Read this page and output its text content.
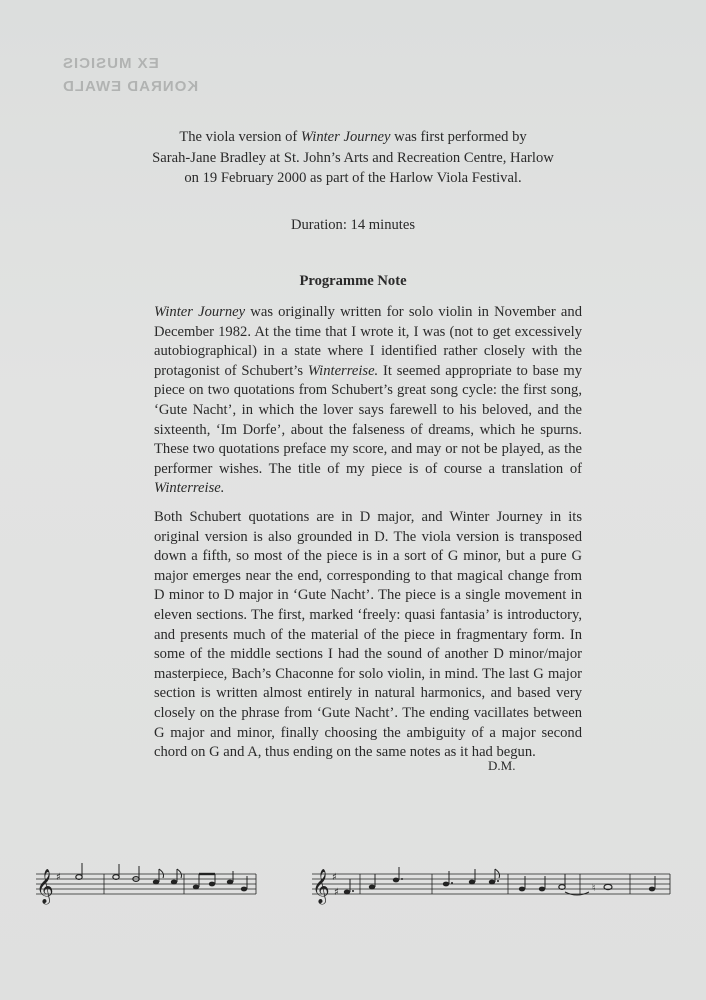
EX MUSICIS
KONRAD EWALD
The viola version of Winter Journey was first performed by
Sarah-Jane Bradley at St. John’s Arts and Recreation Centre, Harlow
on 19 February 2000 as part of the Harlow Viola Festival.
Duration: 14 minutes
Programme Note

Winter Journey was originally written for solo violin in November and December 1982. At the time that I wrote it, I was (not to get excessively autobiographical) in a state where I identified rather closely with the protagonist of Schubert’s Winterreise. It seemed appropriate to base my piece on two quotations from Schubert’s great song cycle: the first song, ‘Gute Nacht’, in which the lover says farewell to his beloved, and the sixteenth, ‘Im Dorfe’, about the falseness of dreams, which he spurns. These two quotations preface my score, and may or not be played, as the performer wishes. The title of my piece is of course a translation of Winterreise.

Both Schubert quotations are in D major, and Winter Journey in its original version is also grounded in D. The viola version is transposed down a fifth, so most of the piece is in a sort of G minor, but a pure G major emerges near the end, corresponding to that magical change from D minor to D major in ‘Gute Nacht’. The piece is a single movement in eleven sections. The first, marked ‘freely: quasi fantasia’ is introductory, and presents much of the material of the piece in fragmentary form. In some of the middle sections I had the sound of another D minor/major masterpiece, Bach’s Chaconne for solo violin, in mind. The last G major section is written almost entirely in natural harmonics, and based very closely on the phrase from ‘Gute Nacht’. The ending vacillates between G major and minor, finally choosing the ambiguity of a major second chord on G and A, thus ending on the same notes as it had begun.

D.M.
𝄞 ♯	𝄞 ♯
♯	♮
